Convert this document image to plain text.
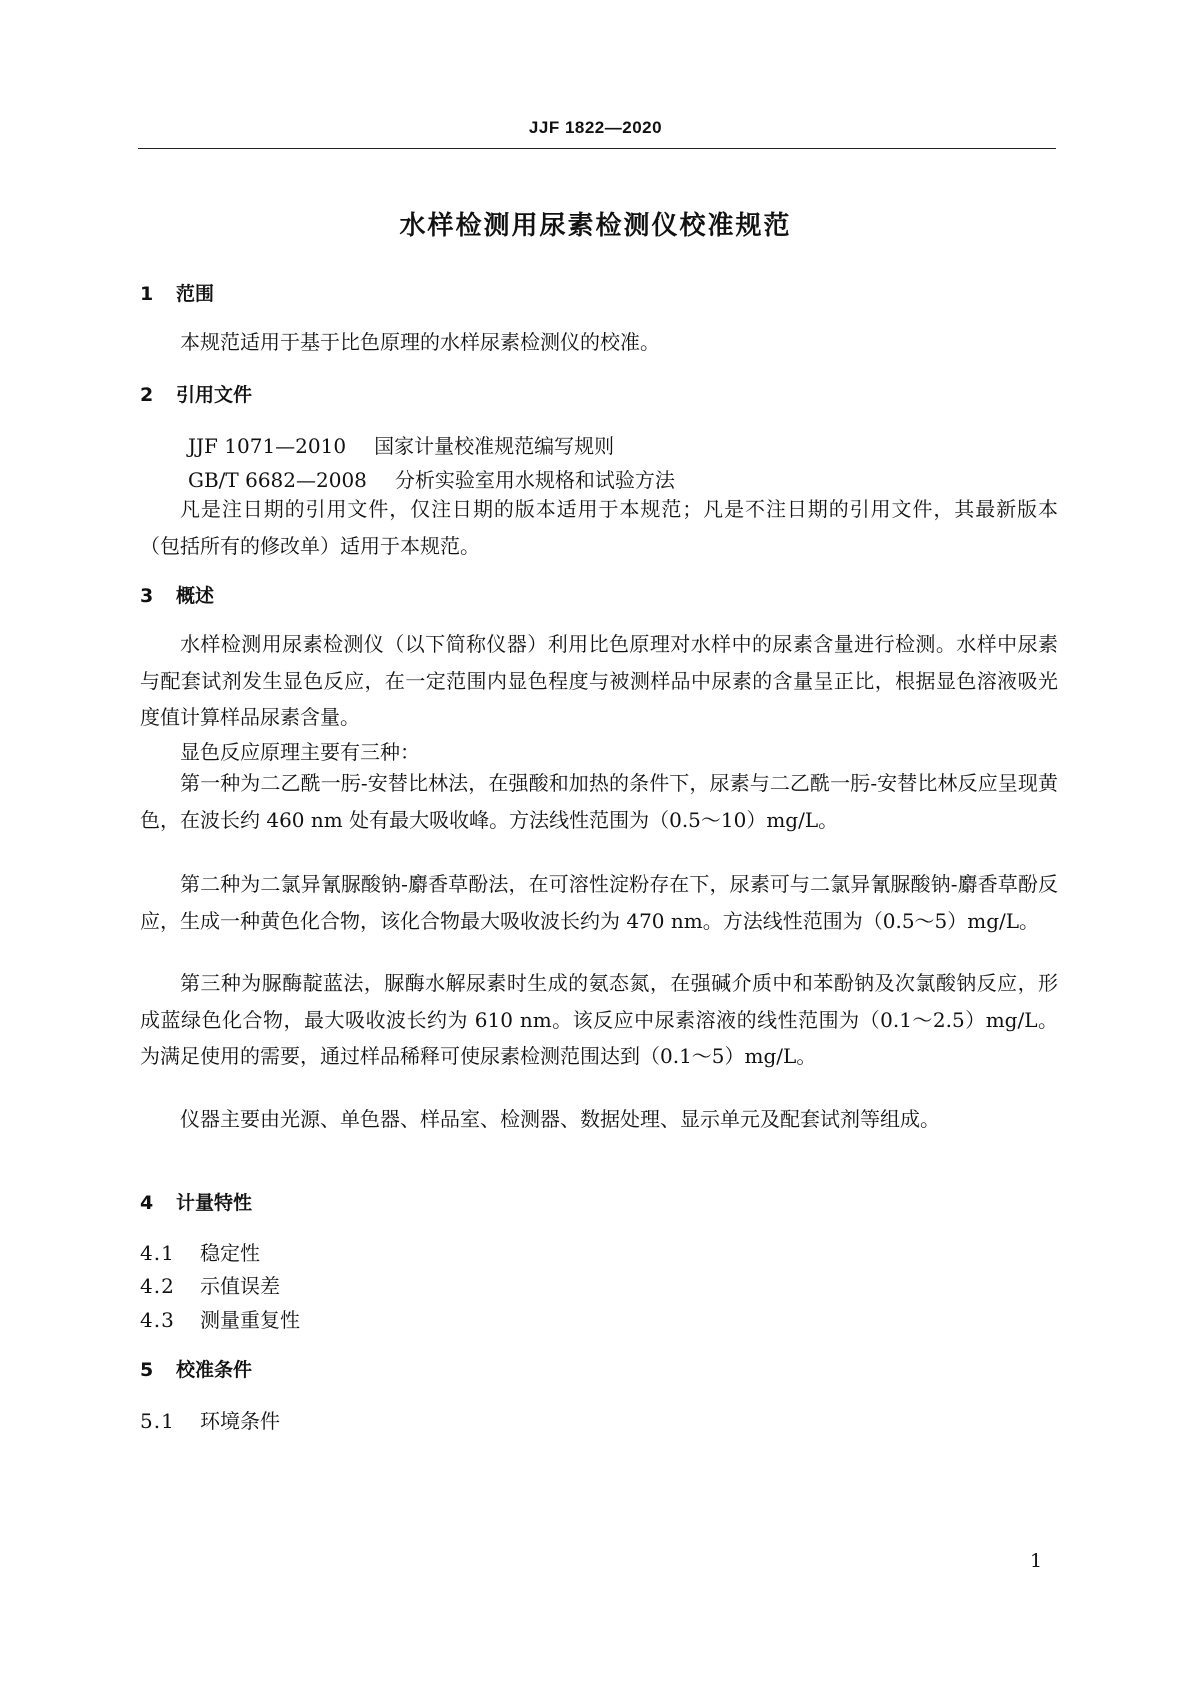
JJF 1822—2020
水样检测用尿素检测仪校准规范
1 范围
本规范适用于基于比色原理的水样尿素检测仪的校准。
2 引用文件
JJF 1071—2010 国家计量校准规范编写规则
GB/T 6682—2008 分析实验室用水规格和试验方法
凡是注日期的引用文件，仅注日期的版本适用于本规范；凡是不注日期的引用文件，其最新版本（包括所有的修改单）适用于本规范。
3 概述
水样检测用尿素检测仪（以下简称仪器）利用比色原理对水样中的尿素含量进行检测。水样中尿素与配套试剂发生显色反应，在一定范围内显色程度与被测样品中尿素的含量呈正比，根据显色溶液吸光度值计算样品尿素含量。
显色反应原理主要有三种：
第一种为二乙酰一肟-安替比林法，在强酸和加热的条件下，尿素与二乙酰一肟-安替比林反应呈现黄色，在波长约 460 nm 处有最大吸收峰。方法线性范围为（0.5～10）mg/L。
第二种为二氯异氰脲酸钠-麝香草酚法，在可溶性淀粉存在下，尿素可与二氯异氰脲酸钠-麝香草酚反应，生成一种黄色化合物，该化合物最大吸收波长约为 470 nm。方法线性范围为（0.5～5）mg/L。
第三种为脲酶靛蓝法，脲酶水解尿素时生成的氨态氮，在强碱介质中和苯酚钠及次氯酸钠反应，形成蓝绿色化合物，最大吸收波长约为 610 nm。该反应中尿素溶液的线性范围为（0.1～2.5）mg/L。为满足使用的需要，通过样品稀释可使尿素检测范围达到（0.1～5）mg/L。
仪器主要由光源、单色器、样品室、检测器、数据处理、显示单元及配套试剂等组成。
4 计量特性
4.1 稳定性
4.2 示值误差
4.3 测量重复性
5 校准条件
5.1 环境条件
1
